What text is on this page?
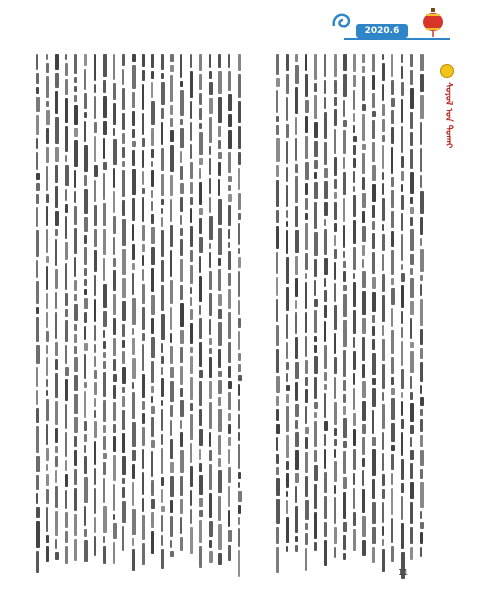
2020.6
ᠰᠣᠶᠣᠯ ᠤᠨ ᠲᠤᠬᠠᠢ
11
